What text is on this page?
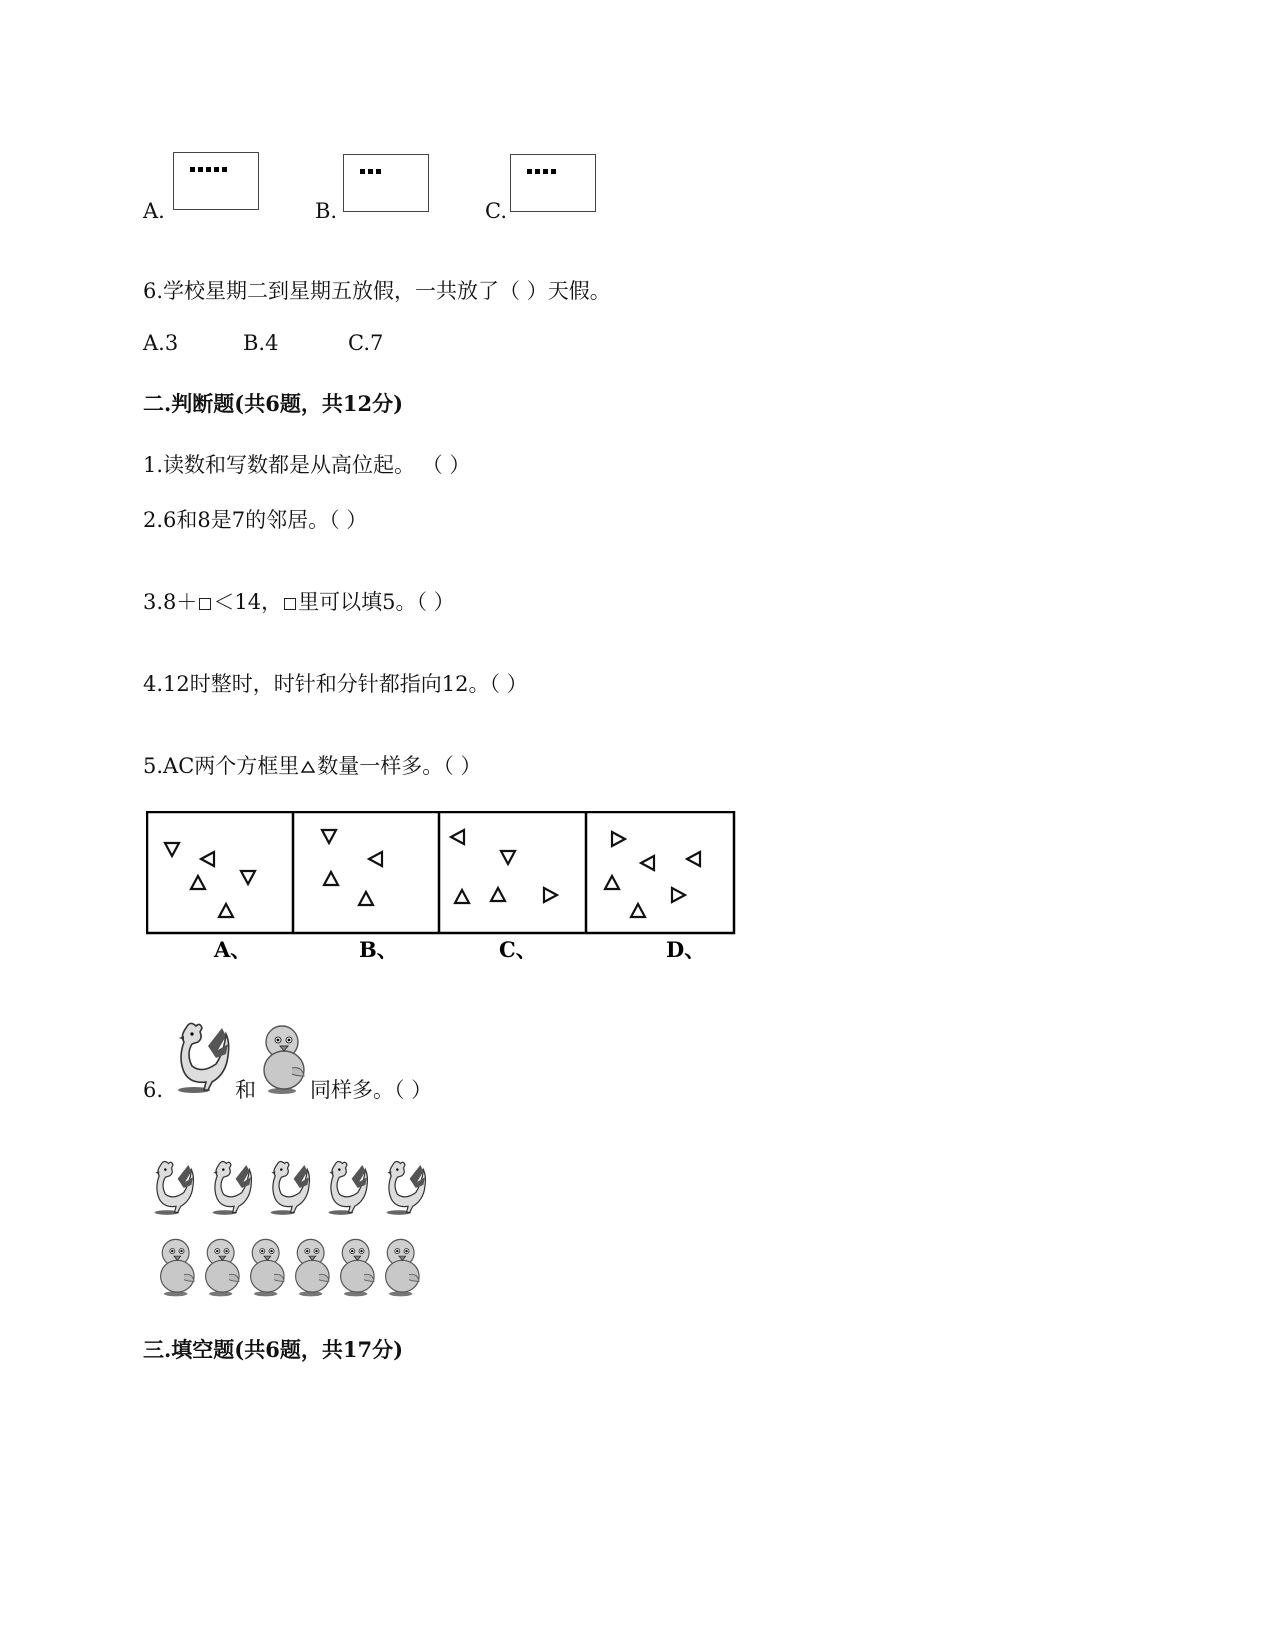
A.	B.	C.
6.学校星期二到星期五放假，一共放了（ ）天假。
A.3	B.4	C.7
二.判断题(共6题，共12分)
1.读数和写数都是从高位起。 （ ）
2.6和8是7的邻居。（ ）
3.8＋ ＜14， 里可以填5。（ ）
4.12时整时，时针和分针都指向12。（ ）
5.AC两个方框里 数量一样多。（ ）
A、	B、	C、	D、
6.	和	同样多。（ ）
三.填空题(共6题，共17分)
